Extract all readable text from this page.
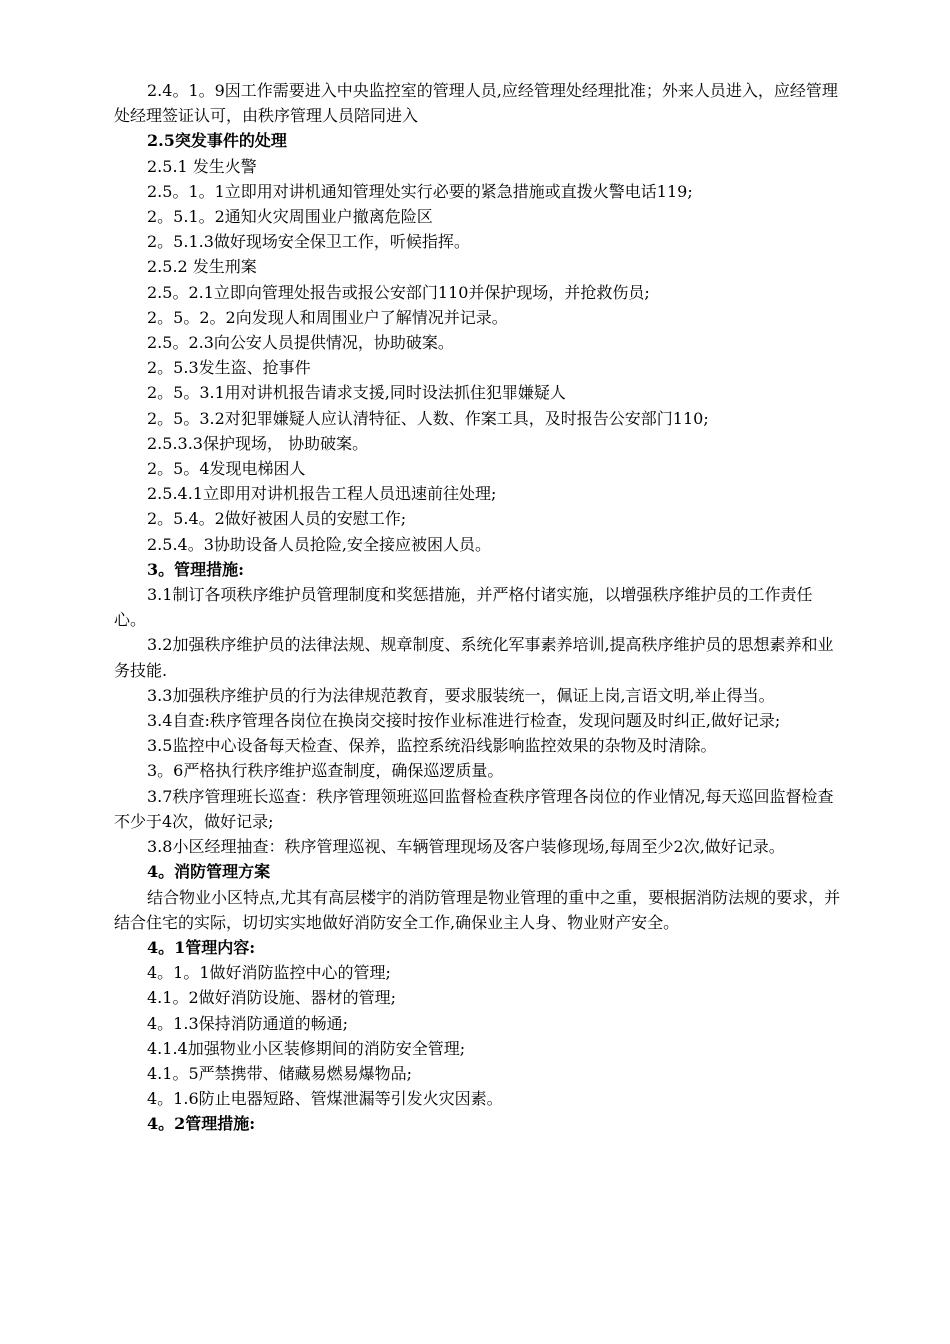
2.4。1。9因工作需要进入中央监控室的管理人员,应经管理处经理批准；外来人员进入，应经管理处经理签证认可，由秩序管理人员陪同进入
2.5突发事件的处理
2.5.1 发生火警
2.5。1。1立即用对讲机通知管理处实行必要的紧急措施或直拨火警电话119;
2。5.1。2通知火灾周围业户撤离危险区
2。5.1.3做好现场安全保卫工作，听候指挥。
2.5.2 发生刑案
2.5。2.1立即向管理处报告或报公安部门110并保护现场，并抢救伤员;
2。5。2。2向发现人和周围业户了解情况并记录。
2.5。2.3向公安人员提供情况，协助破案。
2。5.3发生盗、抢事件
2。5。3.1用对讲机报告请求支援,同时设法抓住犯罪嫌疑人
2。5。3.2对犯罪嫌疑人应认清特征、人数、作案工具，及时报告公安部门110;
2.5.3.3保护现场， 协助破案。
2。5。4发现电梯困人
2.5.4.1立即用对讲机报告工程人员迅速前往处理;
2。5.4。2做好被困人员的安慰工作;
2.5.4。3协助设备人员抢险,安全接应被困人员。
3。管理措施:
3.1制订各项秩序维护员管理制度和奖惩措施，并严格付诸实施，以增强秩序维护员的工作责任心。
3.2加强秩序维护员的法律法规、规章制度、系统化军事素养培训,提高秩序维护员的思想素养和业务技能.
3.3加强秩序维护员的行为法律规范教育，要求服装统一，佩证上岗,言语文明,举止得当。
3.4自查:秩序管理各岗位在换岗交接时按作业标准进行检查，发现问题及时纠正,做好记录;
3.5监控中心设备每天检查、保养，监控系统沿线影响监控效果的杂物及时清除。
3。6严格执行秩序维护巡查制度，确保巡逻质量。
3.7秩序管理班长巡查：秩序管理领班巡回监督检查秩序管理各岗位的作业情况,每天巡回监督检查不少于4次，做好记录;
3.8小区经理抽查：秩序管理巡视、车辆管理现场及客户装修现场,每周至少2次,做好记录。
4。消防管理方案
结合物业小区特点,尤其有高层楼宇的消防管理是物业管理的重中之重，要根据消防法规的要求，并结合住宅的实际，切切实实地做好消防安全工作,确保业主人身、物业财产安全。
4。1管理内容:
4。1。1做好消防监控中心的管理;
4.1。2做好消防设施、器材的管理;
4。1.3保持消防通道的畅通;
4.1.4加强物业小区装修期间的消防安全管理;
4.1。5严禁携带、储藏易燃易爆物品;
4。1.6防止电器短路、管煤泄漏等引发火灾因素。
4。2管理措施:
